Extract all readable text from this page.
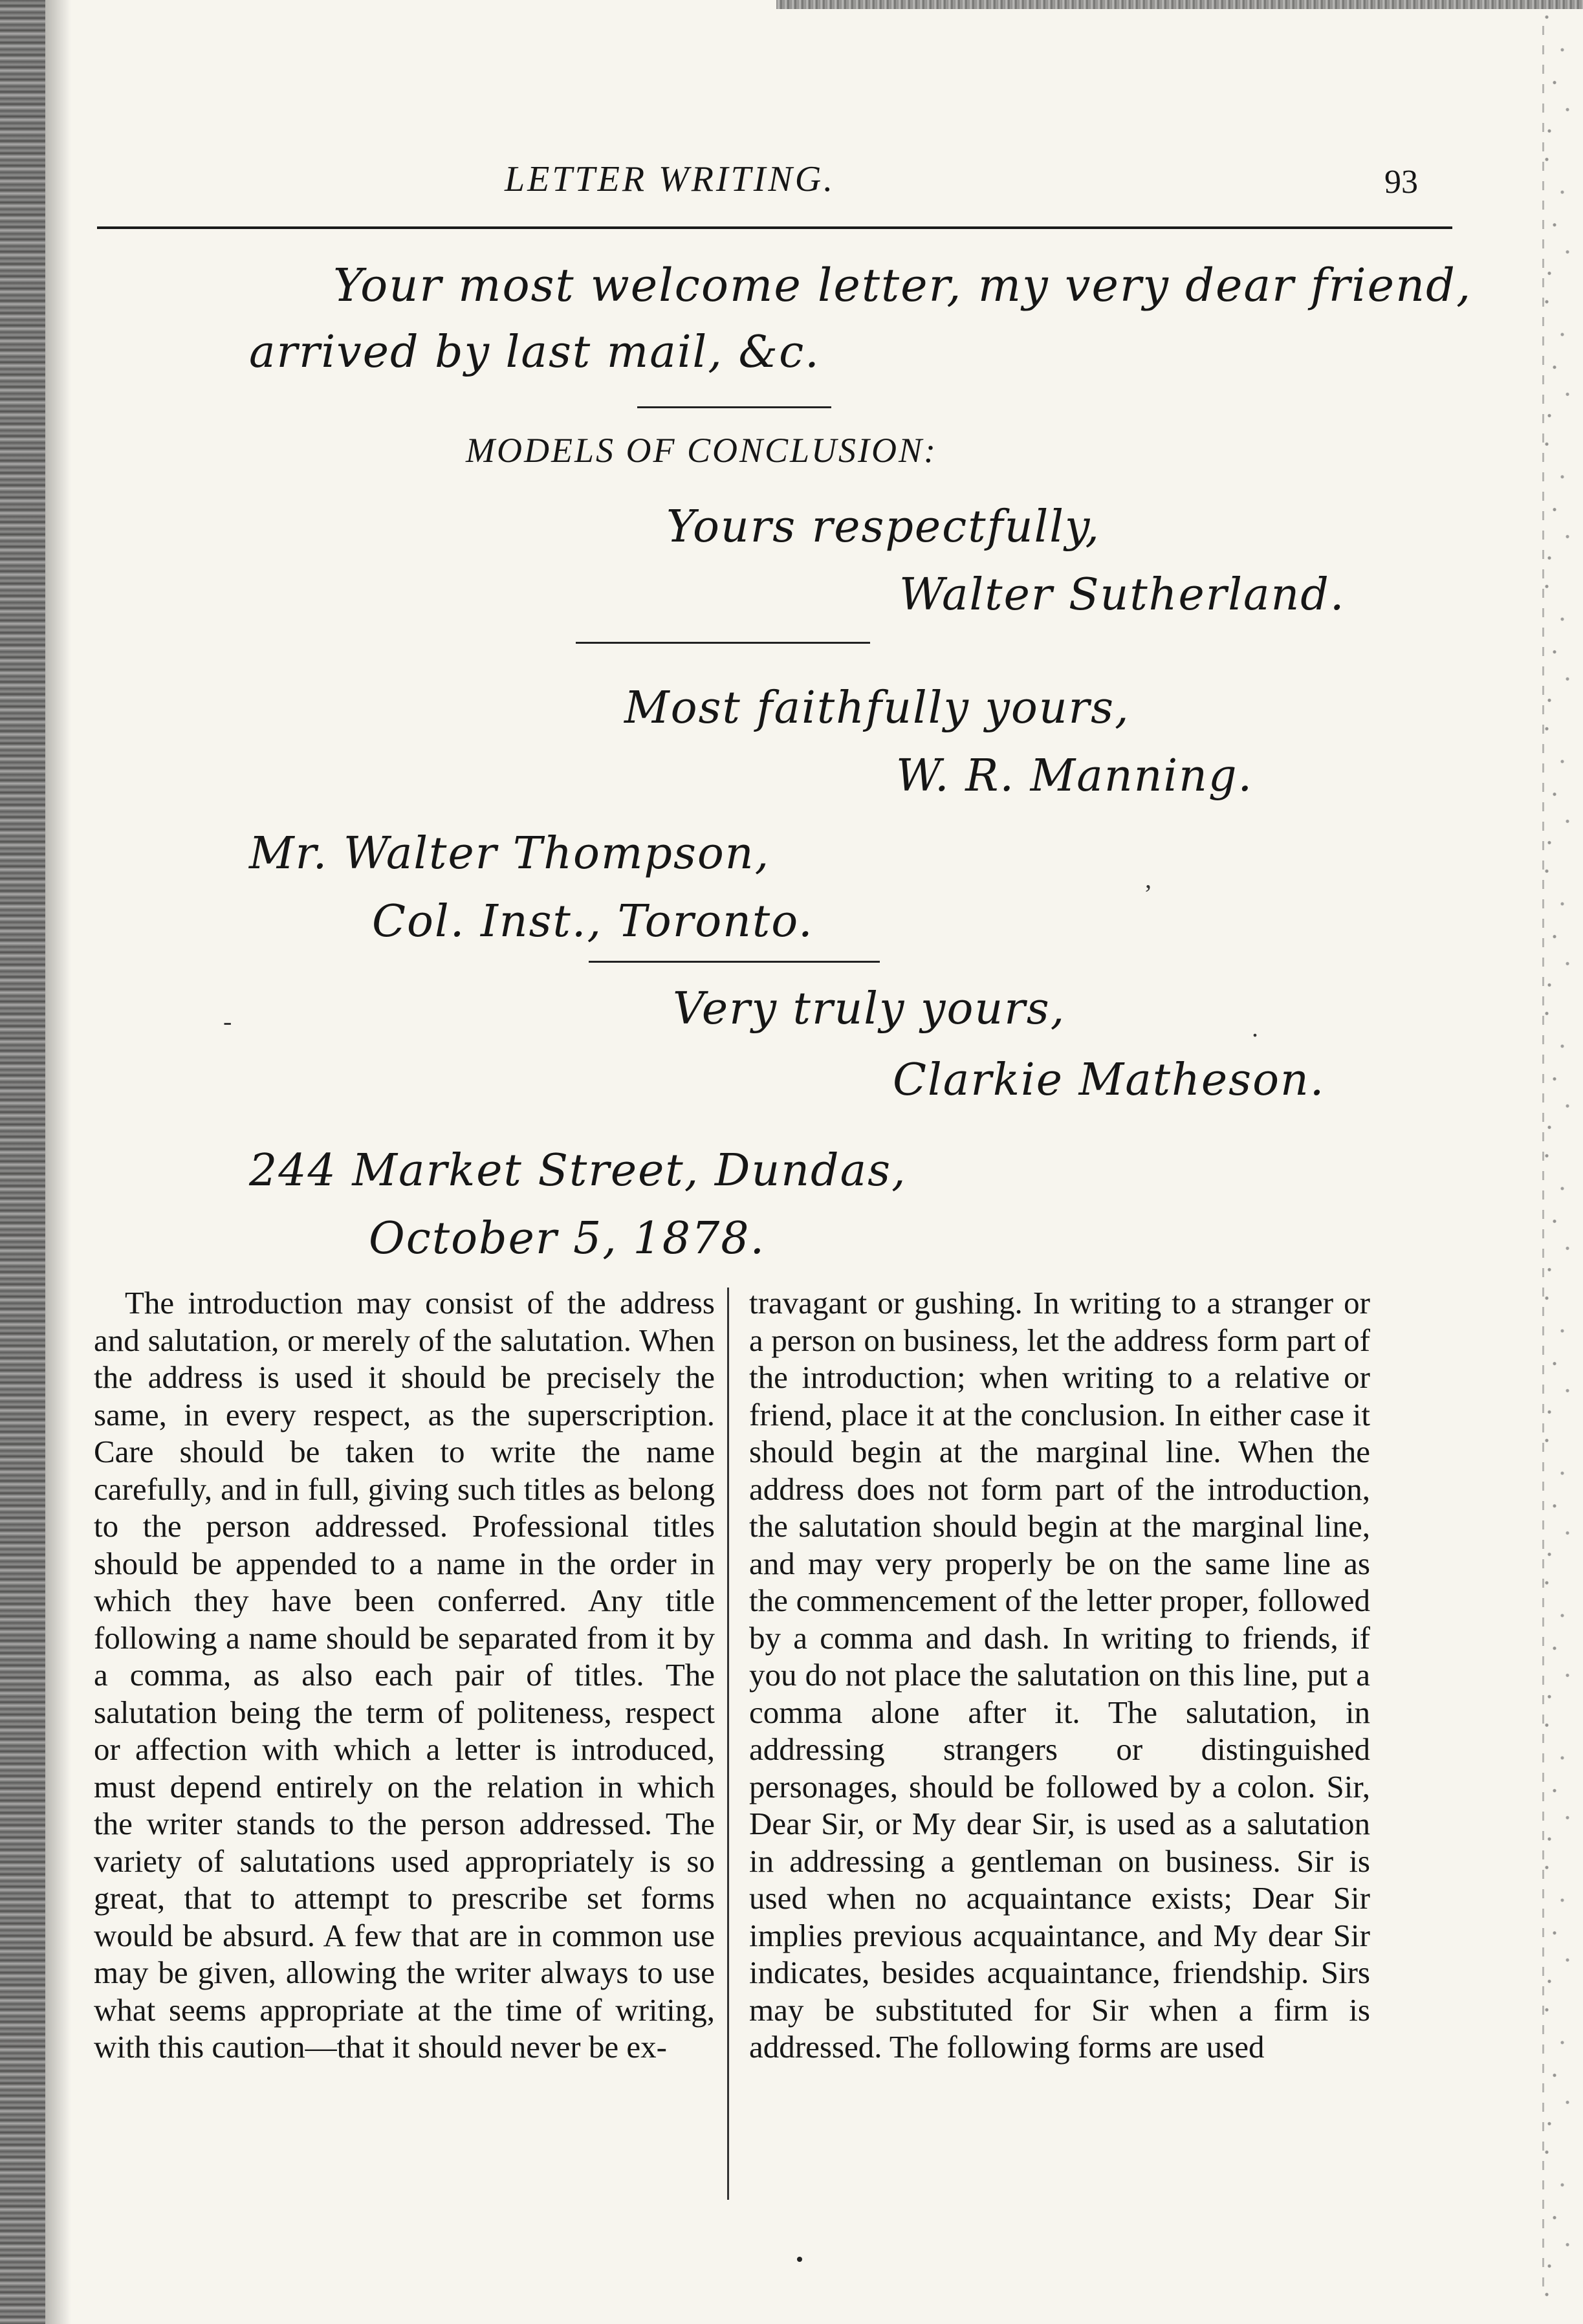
LETTER WRITING.	93
Your most welcome letter, my very dear friend,
arrived by last mail, &c.
MODELS OF CONCLUSION:
Yours respectfully,
Walter Sutherland.
Most faithfully yours,
W. R. Manning.
Mr. Walter Thompson,
Col. Inst., Toronto.
,
Very truly yours,
Clarkie Matheson.
-	.
244 Market Street, Dundas,
October 5, 1878.
The introduction may consist of the address and salutation, or merely of the salutation. When the address is used it should be precisely the same, in every respect, as the superscription. Care should be taken to write the name carefully, and in full, giving such titles as belong to the person addressed. Professional titles should be appended to a name in the order in which they have been conferred. Any title following a name should be separated from it by a comma, as also each pair of titles. The salutation being the term of politeness, respect or affection with which a letter is introduced, must depend entirely on the relation in which the writer stands to the person addressed. The variety of salutations used appropriately is so great, that to attempt to prescribe set forms would be absurd. A few that are in common use may be given, allowing the writer always to use what seems appropriate at the time of writing, with this caution—that it should never be ex-
travagant or gushing. In writing to a stranger or a person on business, let the address form part of the introduction; when writing to a relative or friend, place it at the conclusion. In either case it should begin at the marginal line. When the address does not form part of the introduction, the salutation should begin at the marginal line, and may very properly be on the same line as the commencement of the letter proper, followed by a comma and dash. In writing to friends, if you do not place the salutation on this line, put a comma alone after it. The salutation, in addressing strangers or distinguished personages, should be followed by a colon. Sir, Dear Sir, or My dear Sir, is used as a salutation in addressing a gentleman on business. Sir is used when no acquaintance exists; Dear Sir implies previous acquaintance, and My dear Sir indicates, besides acquaintance, friendship. Sirs may be substituted for Sir when a firm is addressed. The following forms are used
